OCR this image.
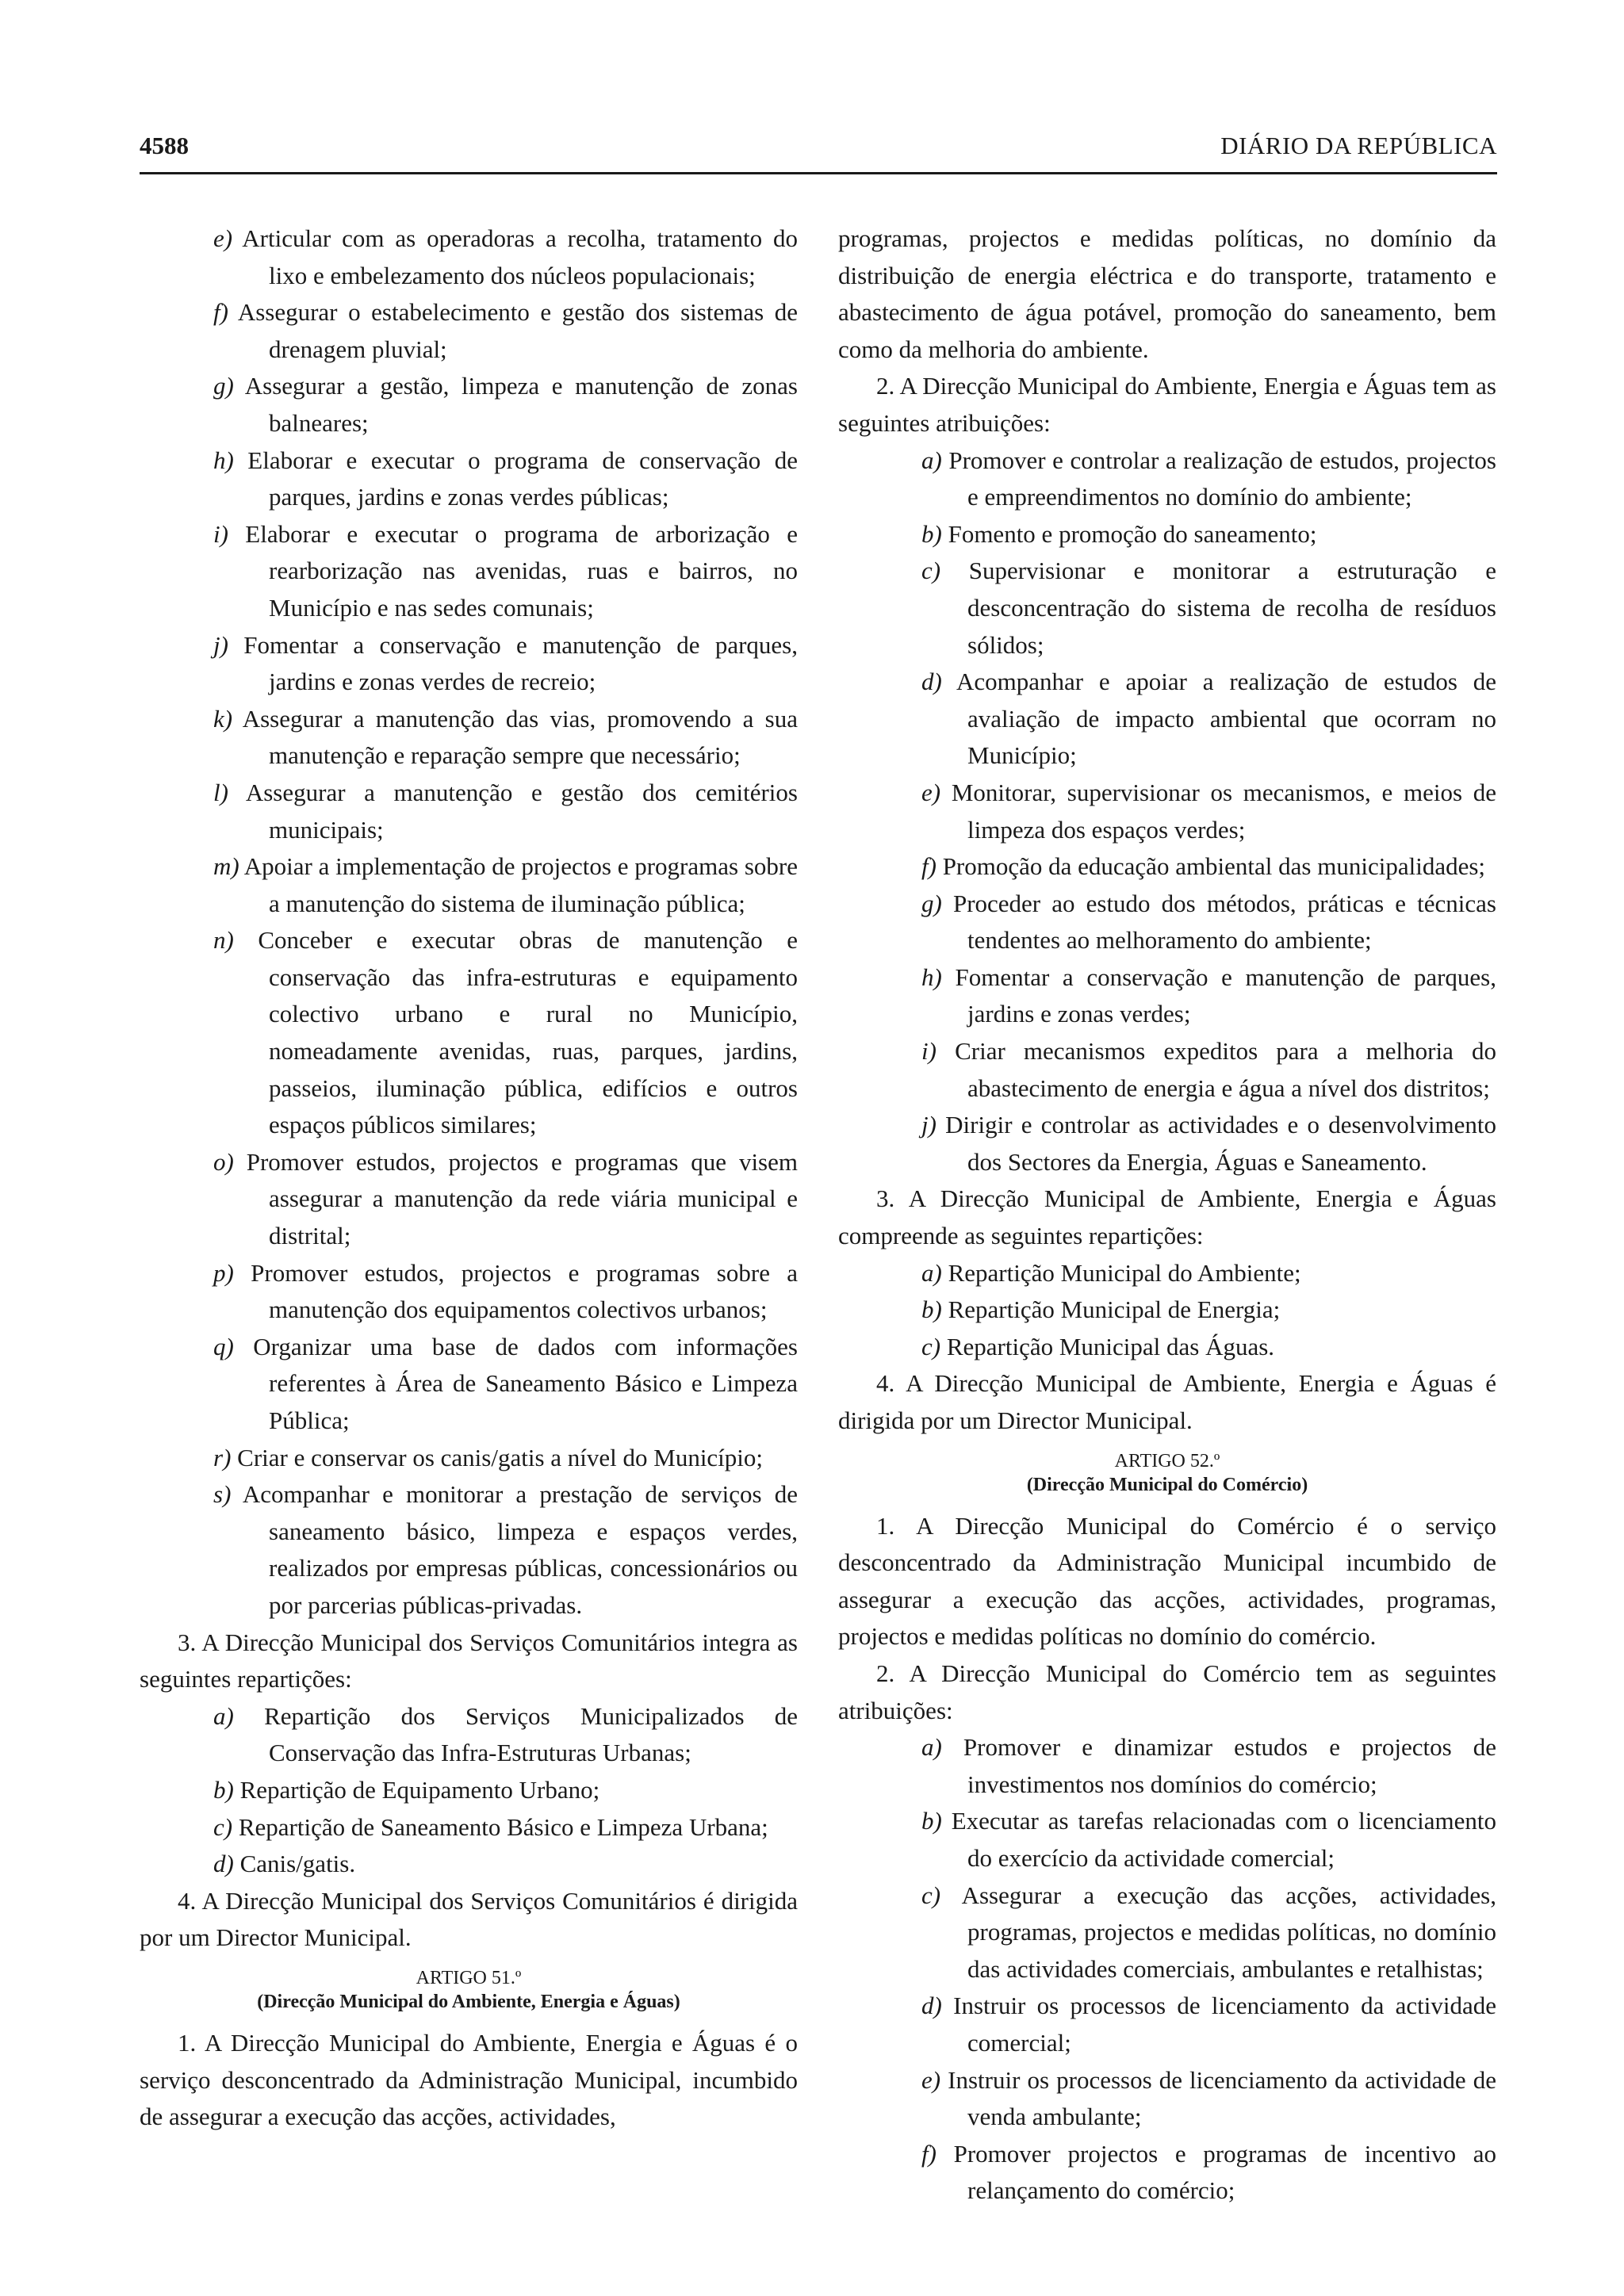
4588	DIÁRIO DA REPÚBLICA
e) Articular com as operadoras a recolha, tratamento do lixo e embelezamento dos núcleos populacionais;
f) Assegurar o estabelecimento e gestão dos sistemas de drenagem pluvial;
g) Assegurar a gestão, limpeza e manutenção de zonas balneares;
h) Elaborar e executar o programa de conservação de parques, jardins e zonas verdes públicas;
i) Elaborar e executar o programa de arborização e rearborização nas avenidas, ruas e bairros, no Município e nas sedes comunais;
j) Fomentar a conservação e manutenção de parques, jardins e zonas verdes de recreio;
k) Assegurar a manutenção das vias, promovendo a sua manutenção e reparação sempre que necessário;
l) Assegurar a manutenção e gestão dos cemitérios municipais;
m) Apoiar a implementação de projectos e programas sobre a manutenção do sistema de iluminação pública;
n) Conceber e executar obras de manutenção e conservação das infra-estruturas e equipamento colectivo urbano e rural no Município, nomeadamente avenidas, ruas, parques, jardins, passeios, iluminação pública, edifícios e outros espaços públicos similares;
o) Promover estudos, projectos e programas que visem assegurar a manutenção da rede viária municipal e distrital;
p) Promover estudos, projectos e programas sobre a manutenção dos equipamentos colectivos urbanos;
q) Organizar uma base de dados com informações referentes à Área de Saneamento Básico e Limpeza Pública;
r) Criar e conservar os canis/gatis a nível do Município;
s) Acompanhar e monitorar a prestação de serviços de saneamento básico, limpeza e espaços verdes, realizados por empresas públicas, concessionários ou por parcerias públicas-privadas.
3. A Direcção Municipal dos Serviços Comunitários integra as seguintes repartições:
a) Repartição dos Serviços Municipalizados de Conservação das Infra-Estruturas Urbanas;
b) Repartição de Equipamento Urbano;
c) Repartição de Saneamento Básico e Limpeza Urbana;
d) Canis/gatis.
4. A Direcção Municipal dos Serviços Comunitários é dirigida por um Director Municipal.
ARTIGO 51.º
(Direcção Municipal do Ambiente, Energia e Águas)
1. A Direcção Municipal do Ambiente, Energia e Águas é o serviço desconcentrado da Administração Municipal, incumbido de assegurar a execução das acções, actividades,
programas, projectos e medidas políticas, no domínio da distribuição de energia eléctrica e do transporte, tratamento e abastecimento de água potável, promoção do saneamento, bem como da melhoria do ambiente.
2. A Direcção Municipal do Ambiente, Energia e Águas tem as seguintes atribuições:
a) Promover e controlar a realização de estudos, projectos e empreendimentos no domínio do ambiente;
b) Fomento e promoção do saneamento;
c) Supervisionar e monitorar a estruturação e desconcentração do sistema de recolha de resíduos sólidos;
d) Acompanhar e apoiar a realização de estudos de avaliação de impacto ambiental que ocorram no Município;
e) Monitorar, supervisionar os mecanismos, e meios de limpeza dos espaços verdes;
f) Promoção da educação ambiental das municipalidades;
g) Proceder ao estudo dos métodos, práticas e técnicas tendentes ao melhoramento do ambiente;
h) Fomentar a conservação e manutenção de parques, jardins e zonas verdes;
i) Criar mecanismos expeditos para a melhoria do abastecimento de energia e água a nível dos distritos;
j) Dirigir e controlar as actividades e o desenvolvimento dos Sectores da Energia, Águas e Saneamento.
3. A Direcção Municipal de Ambiente, Energia e Águas compreende as seguintes repartições:
a) Repartição Municipal do Ambiente;
b) Repartição Municipal de Energia;
c) Repartição Municipal das Águas.
4. A Direcção Municipal de Ambiente, Energia e Águas é dirigida por um Director Municipal.
ARTIGO 52.º
(Direcção Municipal do Comércio)
1. A Direcção Municipal do Comércio é o serviço desconcentrado da Administração Municipal incumbido de assegurar a execução das acções, actividades, programas, projectos e medidas políticas no domínio do comércio.
2. A Direcção Municipal do Comércio tem as seguintes atribuições:
a) Promover e dinamizar estudos e projectos de investimentos nos domínios do comércio;
b) Executar as tarefas relacionadas com o licenciamento do exercício da actividade comercial;
c) Assegurar a execução das acções, actividades, programas, projectos e medidas políticas, no domínio das actividades comerciais, ambulantes e retalhistas;
d) Instruir os processos de licenciamento da actividade comercial;
e) Instruir os processos de licenciamento da actividade de venda ambulante;
f) Promover projectos e programas de incentivo ao relançamento do comércio;
